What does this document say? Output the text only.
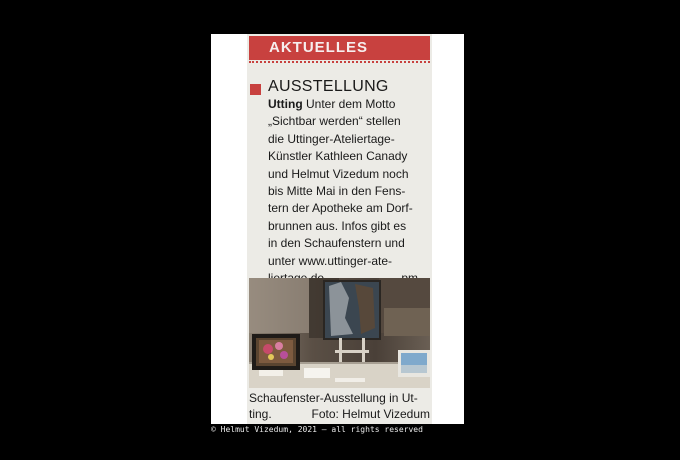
AKTUELLES
AUSSTELLUNG
Utting Unter dem Motto
„Sichtbar werden“ stellen
die Uttinger-Ateliertage-
Künstler Kathleen Canady
und Helmut Vizedum noch
bis Mitte Mai in den Fens-
tern der Apotheke am Dorf-
brunnen aus. Infos gibt es
in den Schaufenstern und
unter www.uttinger-ate-
Schaufenster-Ausstellung in Ut-
ting.	Foto: Helmut Vizedum
© Helmut Vizedum, 2021 – all rights reserved
